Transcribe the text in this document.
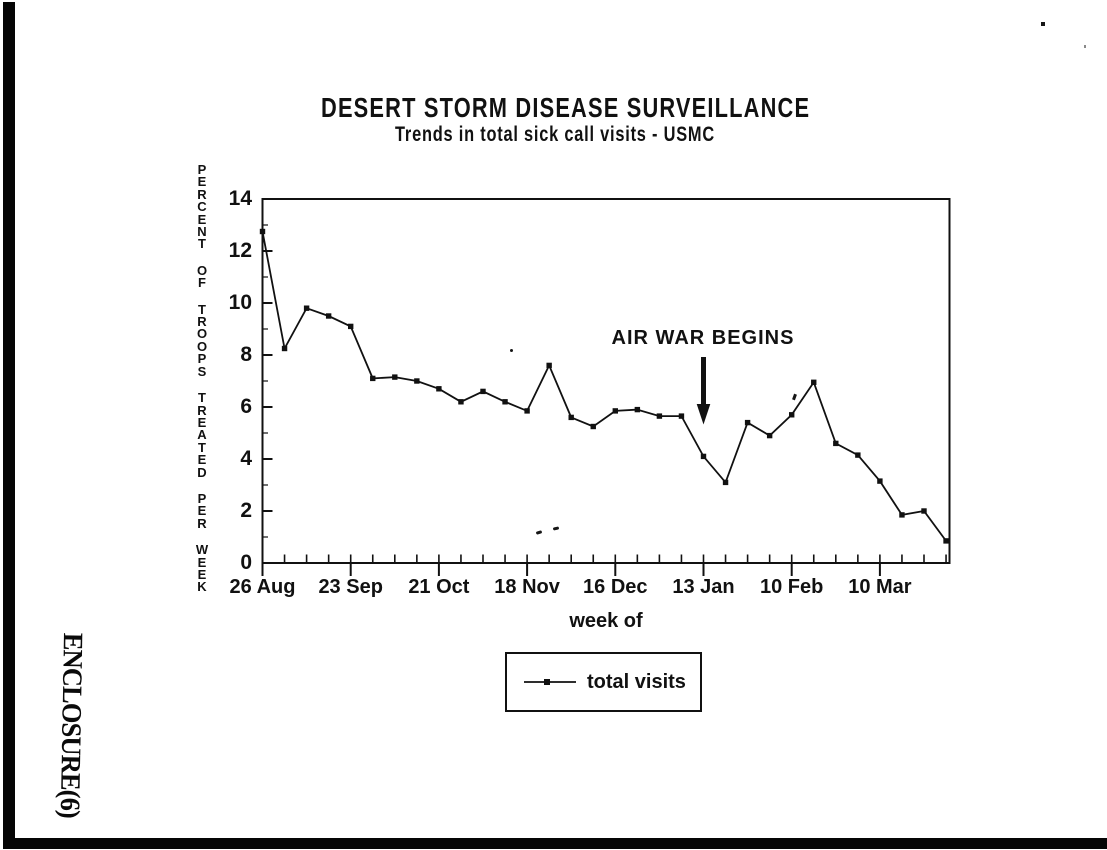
DESERT STORM DISEASE SURVEILLANCE
Trends in total sick call visits - USMC
P
E
R
C
E
N
T
O
F
T
R
O
O
P
S
T
R
E
A
T
E
D
P
E
R
W
E
E
K
0
2
4
6
8
10
12
14
26 Aug	23 Sep	21 Oct	18 Nov	16 Dec	13 Jan	10 Feb	10 Mar
week of
AIR WAR BEGINS
total visits
ENCLOSURE(6)
